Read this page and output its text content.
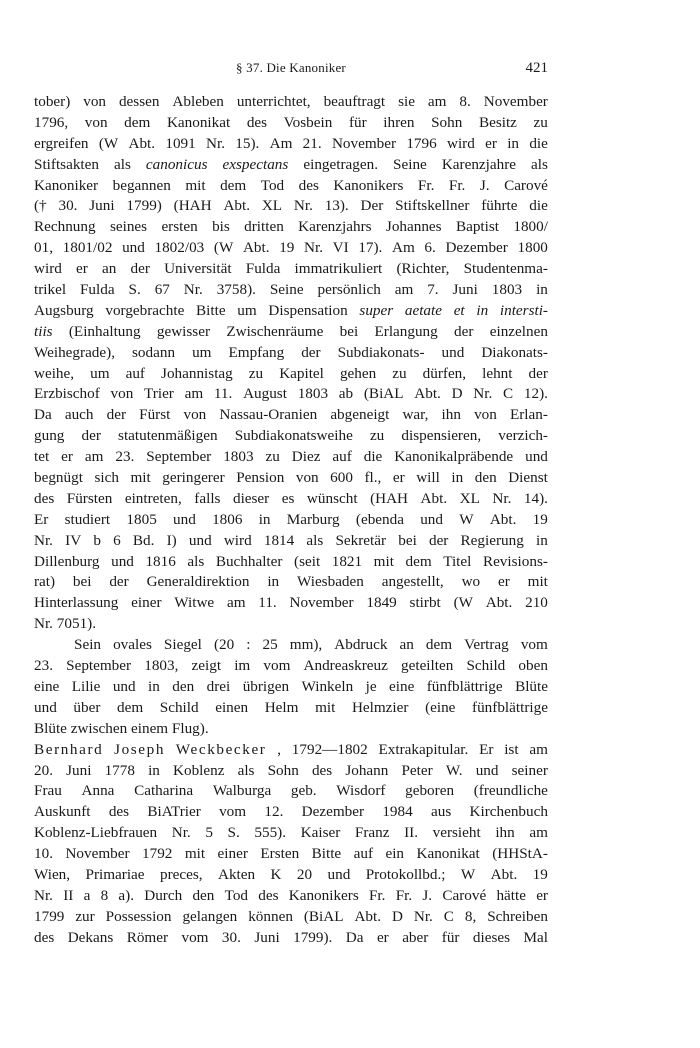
§ 37. Die Kanoniker	421
tober) von dessen Ableben unterrichtet, beauftragt sie am 8. November
1796, von dem Kanonikat des Vosbein für ihren Sohn Besitz zu
ergreifen (W Abt. 1091 Nr. 15). Am 21. November 1796 wird er in die
Stiftsakten als canonicus exspectans eingetragen. Seine Karenzjahre als
Kanoniker begannen mit dem Tod des Kanonikers Fr. Fr. J. Carové
(† 30. Juni 1799) (HAH Abt. XL Nr. 13). Der Stiftskellner führte die
Rechnung seines ersten bis dritten Karenzjahrs Johannes Baptist 1800/
01, 1801/02 und 1802/03 (W Abt. 19 Nr. VI 17). Am 6. Dezember 1800
wird er an der Universität Fulda immatrikuliert (Richter, Studentenma-
trikel Fulda S. 67 Nr. 3758). Seine persönlich am 7. Juni 1803 in
Augsburg vorgebrachte Bitte um Dispensation super aetate et in intersti-
tiis (Einhaltung gewisser Zwischenräume bei Erlangung der einzelnen
Weihegrade), sodann um Empfang der Subdiakonats- und Diakonats-
weihe, um auf Johannistag zu Kapitel gehen zu dürfen, lehnt der
Erzbischof von Trier am 11. August 1803 ab (BiAL Abt. D Nr. C 12).
Da auch der Fürst von Nassau-Oranien abgeneigt war, ihn von Erlan-
gung der statutenmäßigen Subdiakonatsweihe zu dispensieren, verzich-
tet er am 23. September 1803 zu Diez auf die Kanonikalpräbende und
begnügt sich mit geringerer Pension von 600 fl., er will in den Dienst
des Fürsten eintreten, falls dieser es wünscht (HAH Abt. XL Nr. 14).
Er studiert 1805 und 1806 in Marburg (ebenda und W Abt. 19
Nr. IV b 6 Bd. I) und wird 1814 als Sekretär bei der Regierung in
Dillenburg und 1816 als Buchhalter (seit 1821 mit dem Titel Revisions-
rat) bei der Generaldirektion in Wiesbaden angestellt, wo er mit
Hinterlassung einer Witwe am 11. November 1849 stirbt (W Abt. 210
Nr. 7051).
Sein ovales Siegel (20 : 25 mm), Abdruck an dem Vertrag vom
23. September 1803, zeigt im vom Andreaskreuz geteilten Schild oben
eine Lilie und in den drei übrigen Winkeln je eine fünfblättrige Blüte
und über dem Schild einen Helm mit Helmzier (eine fünfblättrige
Blüte zwischen einem Flug).
Bernhard Joseph Weckbecker , 1792—1802 Extrakapitular. Er ist am
20. Juni 1778 in Koblenz als Sohn des Johann Peter W. und seiner
Frau Anna Catharina Walburga geb. Wisdorf geboren (freundliche
Auskunft des BiATrier vom 12. Dezember 1984 aus Kirchenbuch
Koblenz-Liebfrauen Nr. 5 S. 555). Kaiser Franz II. versieht ihn am
10. November 1792 mit einer Ersten Bitte auf ein Kanonikat (HHStA-
Wien, Primariae preces, Akten K 20 und Protokollbd.; W Abt. 19
Nr. II a 8 a). Durch den Tod des Kanonikers Fr. Fr. J. Carové hätte er
1799 zur Possession gelangen können (BiAL Abt. D Nr. C 8, Schreiben
des Dekans Römer vom 30. Juni 1799). Da er aber für dieses Mal
